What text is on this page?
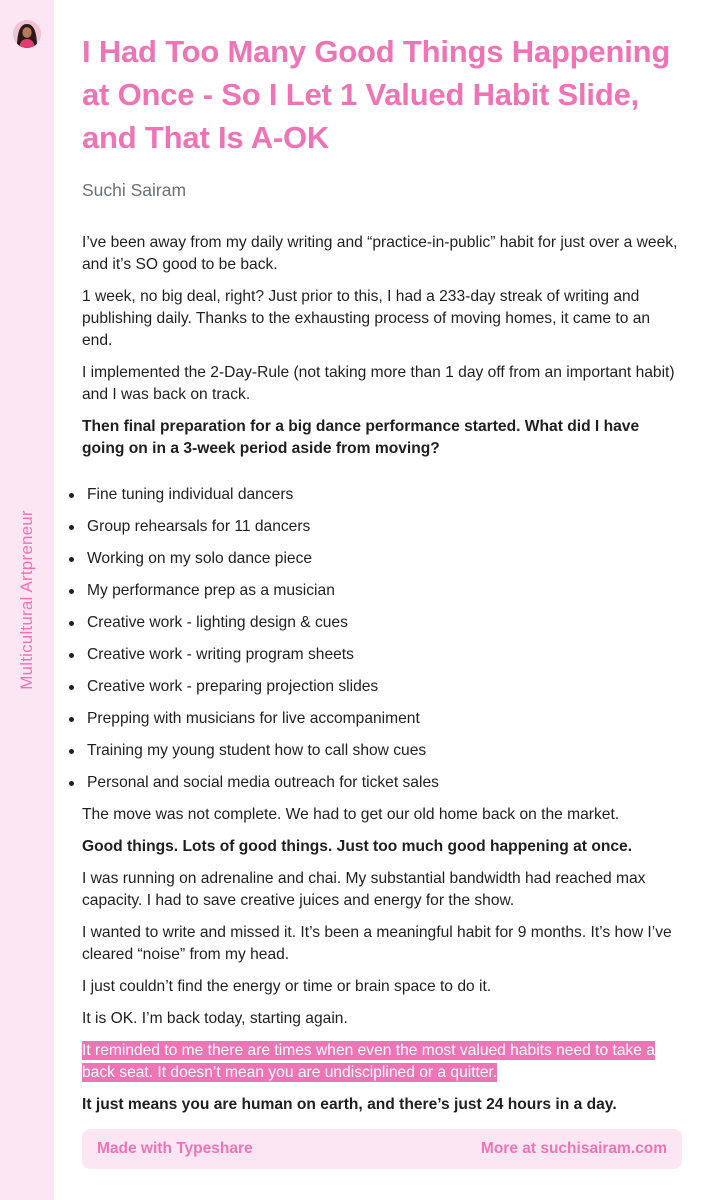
Multicultural Artpreneur
I Had Too Many Good Things Happening at Once - So I Let 1 Valued Habit Slide, and That Is A-OK
Suchi Sairam

I’ve been away from my daily writing and “practice-in-public” habit for just over a week, and it’s SO good to be back.

1 week, no big deal, right? Just prior to this, I had a 233-day streak of writing and publishing daily. Thanks to the exhausting process of moving homes, it came to an end.

I implemented the 2-Day-Rule (not taking more than 1 day off from an important habit) and I was back on track.

Then final preparation for a big dance performance started. What did I have going on in a 3-week period aside from moving?

Fine tuning individual dancers
Group rehearsals for 11 dancers
Working on my solo dance piece
My performance prep as a musician
Creative work - lighting design & cues
Creative work - writing program sheets
Creative work - preparing projection slides
Prepping with musicians for live accompaniment
Training my young student how to call show cues
Personal and social media outreach for ticket sales

The move was not complete. We had to get our old home back on the market.

Good things. Lots of good things. Just too much good happening at once.

I was running on adrenaline and chai. My substantial bandwidth had reached max capacity. I had to save creative juices and energy for the show.

I wanted to write and missed it. It’s been a meaningful habit for 9 months. It’s how I’ve cleared “noise” from my head.

I just couldn’t find the energy or time or brain space to do it.

It is OK. I’m back today, starting again.

It reminded to me there are times when even the most valued habits need to take a back seat. It doesn’t mean you are undisciplined or a quitter.

It just means you are human on earth, and there’s just 24 hours in a day.

Made with Typeshare	More at suchisairam.com
